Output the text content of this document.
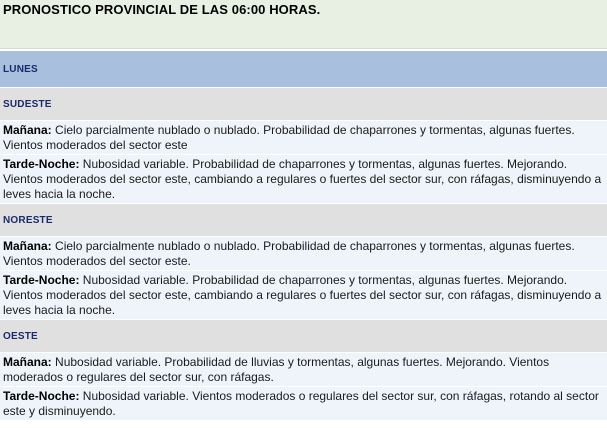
PRONOSTICO PROVINCIAL DE LAS 06:00 HORAS.
LUNES
SUDESTE
Mañana: Cielo parcialmente nublado o nublado. Probabilidad de chaparrones y tormentas, algunas fuertes. Vientos moderados del sector este
Tarde-Noche: Nubosidad variable. Probabilidad de chaparrones y tormentas, algunas fuertes. Mejorando. Vientos moderados del sector este, cambiando a regulares o fuertes del sector sur, con ráfagas, disminuyendo a leves hacia la noche.
NORESTE
Mañana: Cielo parcialmente nublado o nublado. Probabilidad de chaparrones y tormentas, algunas fuertes. Vientos moderados del sector este.
Tarde-Noche: Nubosidad variable. Probabilidad de chaparrones y tormentas, algunas fuertes. Mejorando. Vientos moderados del sector este, cambiando a regulares o fuertes del sector sur, con ráfagas, disminuyendo a leves hacia la noche.
OESTE
Mañana: Nubosidad variable. Probabilidad de lluvias y tormentas, algunas fuertes. Mejorando. Vientos moderados o regulares del sector sur, con ráfagas.
Tarde-Noche: Nubosidad variable. Vientos moderados o regulares del sector sur, con ráfagas, rotando al sector este y disminuyendo.
